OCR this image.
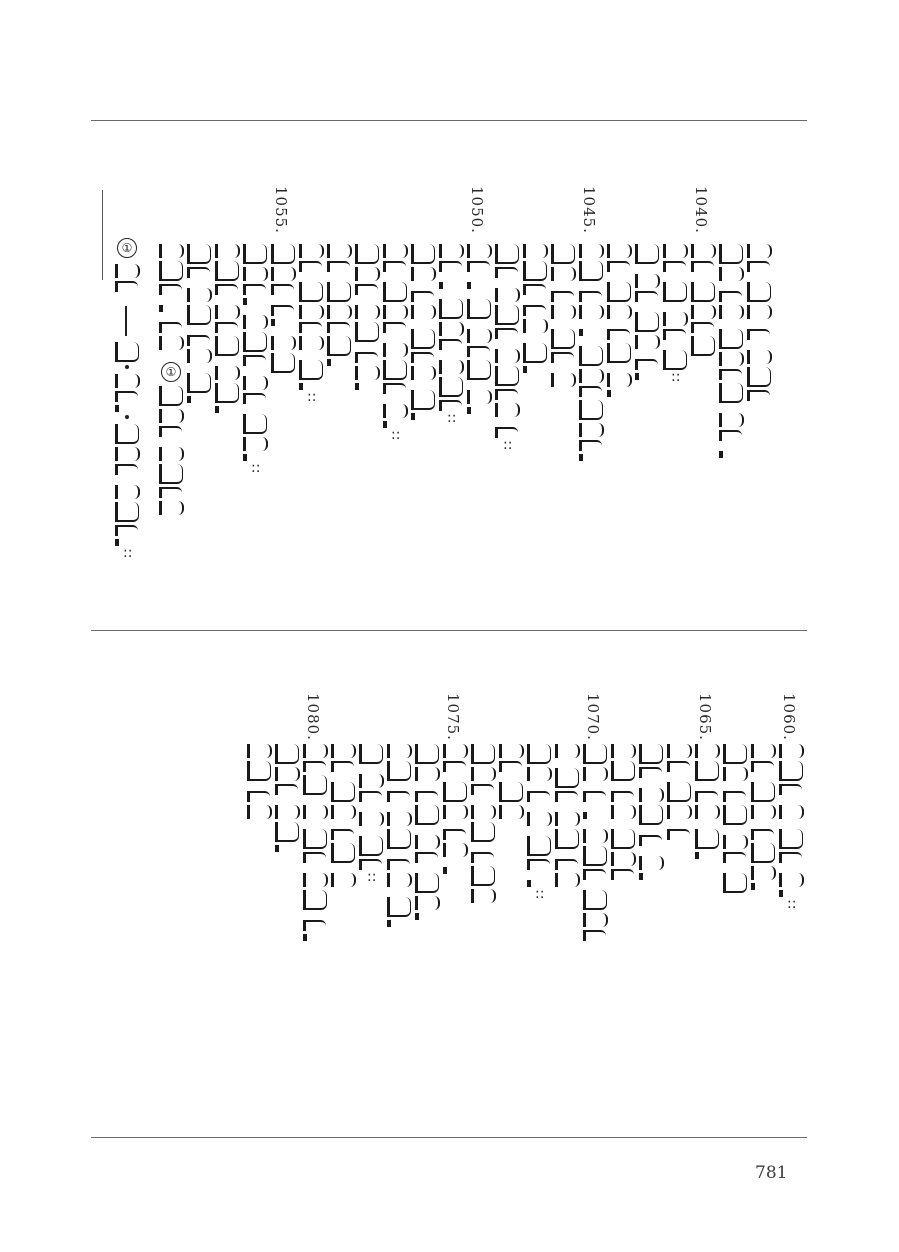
①
::
①
::
1055.
::
::
::
1050.
::
1045.
::
1040.
1080.
::
1075.
::
1070.	1065.	1060.
::
781
